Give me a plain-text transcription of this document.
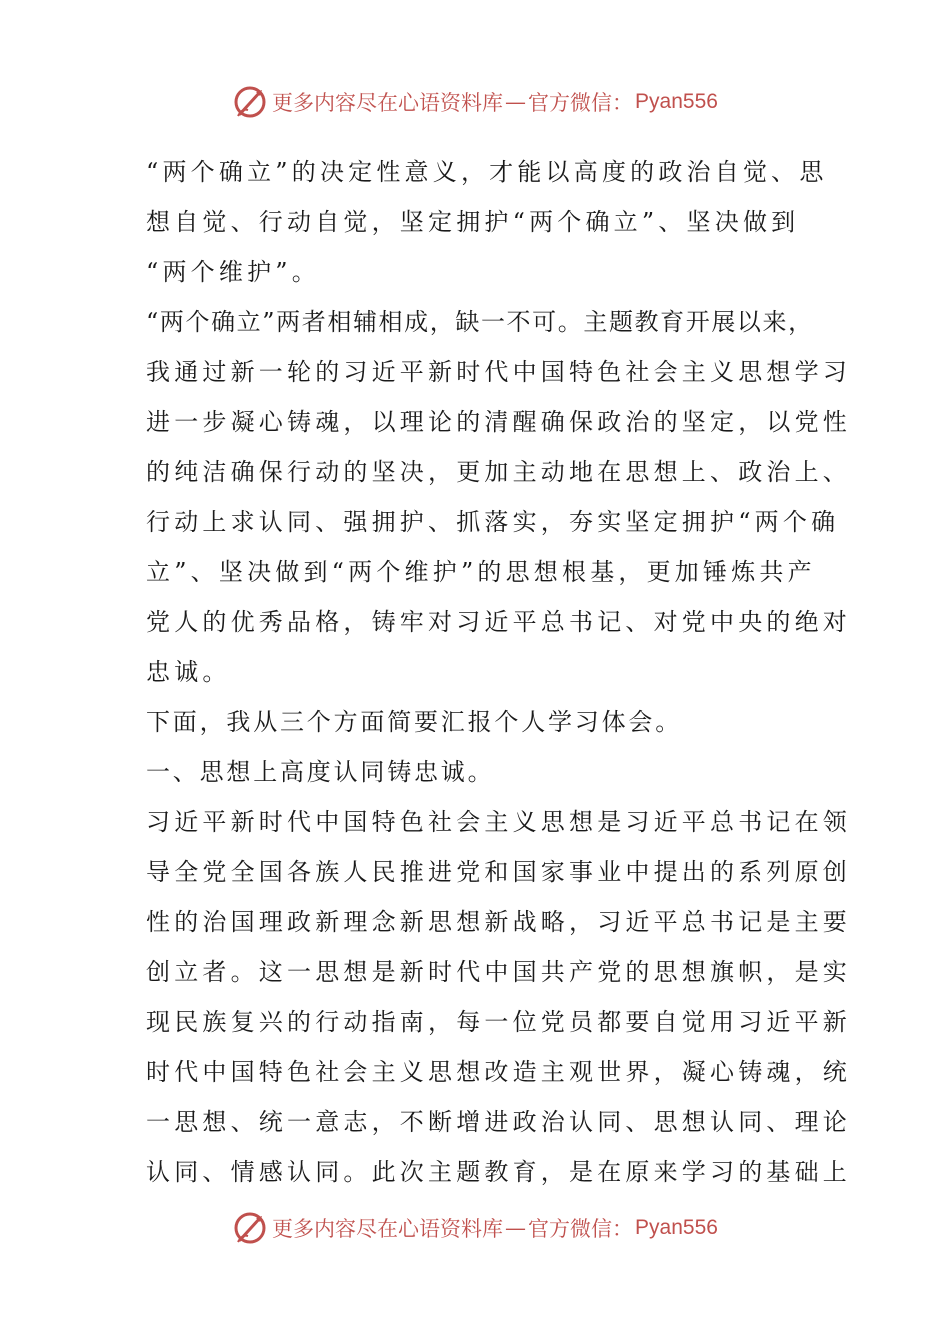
更多内容尽在心语资料库 — 官方微信： Pyan556
“两个确立”的决定性意义，才能以高度的政治自觉、思
想自觉、行动自觉，坚定拥护“两个确立”、坚决做到
“两个维护”。
“两个确立”两者相辅相成，缺一不可。主题教育开展以来，
我通过新一轮的习近平新时代中国特色社会主义思想学习
进一步凝心铸魂，以理论的清醒确保政治的坚定，以党性
的纯洁确保行动的坚决，更加主动地在思想上、政治上、
行动上求认同、强拥护、抓落实，夯实坚定拥护“两个确
立”、坚决做到“两个维护”的思想根基，更加锤炼共产
党人的优秀品格，铸牢对习近平总书记、对党中央的绝对
忠诚。
下面，我从三个方面简要汇报个人学习体会。
一、思想上高度认同铸忠诚。
习近平新时代中国特色社会主义思想是习近平总书记在领
导全党全国各族人民推进党和国家事业中提出的系列原创
性的治国理政新理念新思想新战略，习近平总书记是主要
创立者。这一思想是新时代中国共产党的思想旗帜，是实
现民族复兴的行动指南，每一位党员都要自觉用习近平新
时代中国特色社会主义思想改造主观世界，凝心铸魂，统
一思想、统一意志，不断增进政治认同、思想认同、理论
认同、情感认同。此次主题教育，是在原来学习的基础上
更多内容尽在心语资料库 — 官方微信： Pyan556
